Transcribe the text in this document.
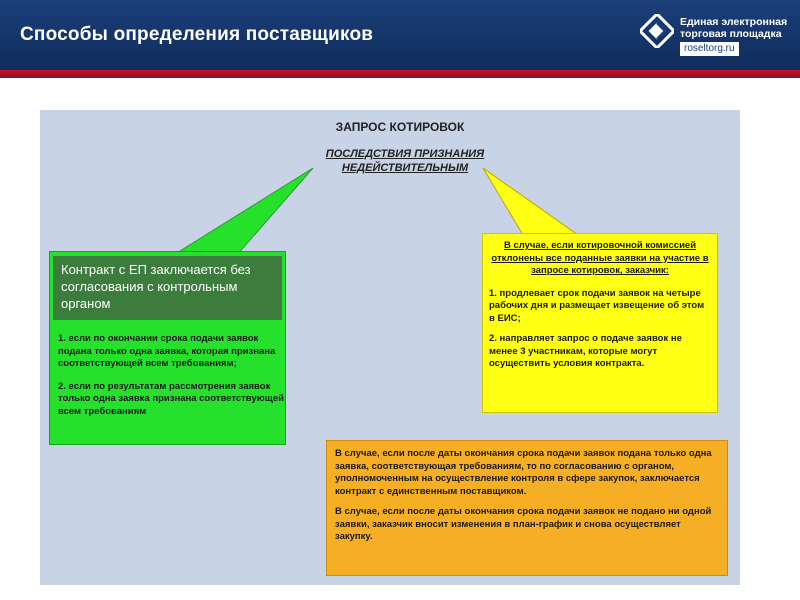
Способы определения поставщиков
Единая электронная торговая площадка
roseltorg.ru
ЗАПРОС КОТИРОВОК
ПОСЛЕДСТВИЯ ПРИЗНАНИЯ
НЕДЕЙСТВИТЕЛЬНЫМ
Контракт с ЕП заключается без согласования с контрольным органом

1. если по окончании срока подачи заявок подана только одна заявка, которая признана соответствующей всем требованиям;

2. если по результатам рассмотрения заявок только одна заявка признана соответствующей всем требованиям

В случае, если котировочной комиссией отклонены все поданные заявки на участие в запросе котировок, заказчик:

1. продлевает срок подачи заявок на четыре рабочих дня и размещает извещение об этом в ЕИС;

2. направляет запрос о подаче заявок не менее 3 участникам, которые могут осуществить условия контракта.

В случае, если после даты окончания срока подачи заявок подана только одна заявка, соответствующая требованиям, то по согласованию с органом, уполномоченным на осуществление контроля в сфере закупок, заключается контракт с единственным поставщиком.

В случае, если после даты окончания срока подачи заявок не подано ни одной заявки, заказчик вносит изменения в план-график и снова осуществляет закупку.
